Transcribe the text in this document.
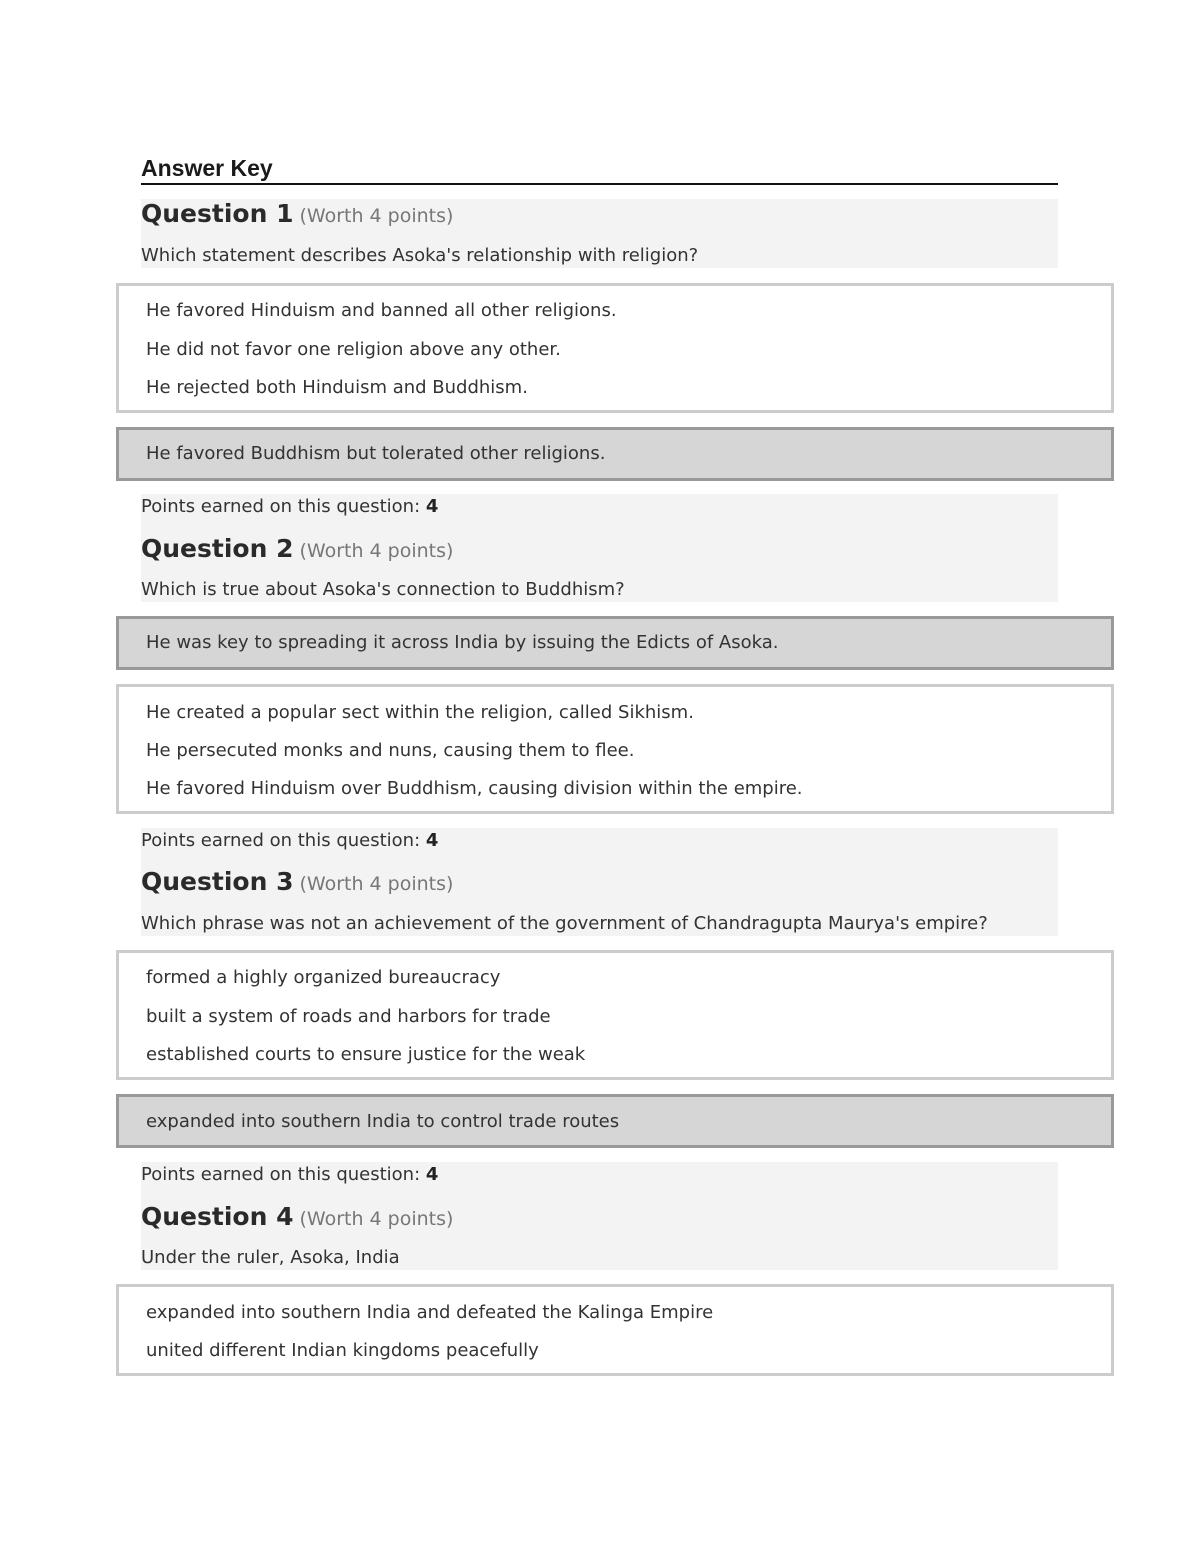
Answer Key
Question 1 (Worth 4 points)
Which statement describes Asoka's relationship with religion?
He favored Hinduism and banned all other religions.
He did not favor one religion above any other.
He rejected both Hinduism and Buddhism.
He favored Buddhism but tolerated other religions.
Points earned on this question: 4
Question 2 (Worth 4 points)
Which is true about Asoka's connection to Buddhism?
He was key to spreading it across India by issuing the Edicts of Asoka.
He created a popular sect within the religion, called Sikhism.
He persecuted monks and nuns, causing them to flee.
He favored Hinduism over Buddhism, causing division within the empire.
Points earned on this question: 4
Question 3 (Worth 4 points)
Which phrase was not an achievement of the government of Chandragupta Maurya's empire?
formed a highly organized bureaucracy
built a system of roads and harbors for trade
established courts to ensure justice for the weak
expanded into southern India to control trade routes
Points earned on this question: 4
Question 4 (Worth 4 points)
Under the ruler, Asoka, India
expanded into southern India and defeated the Kalinga Empire
united different Indian kingdoms peacefully
